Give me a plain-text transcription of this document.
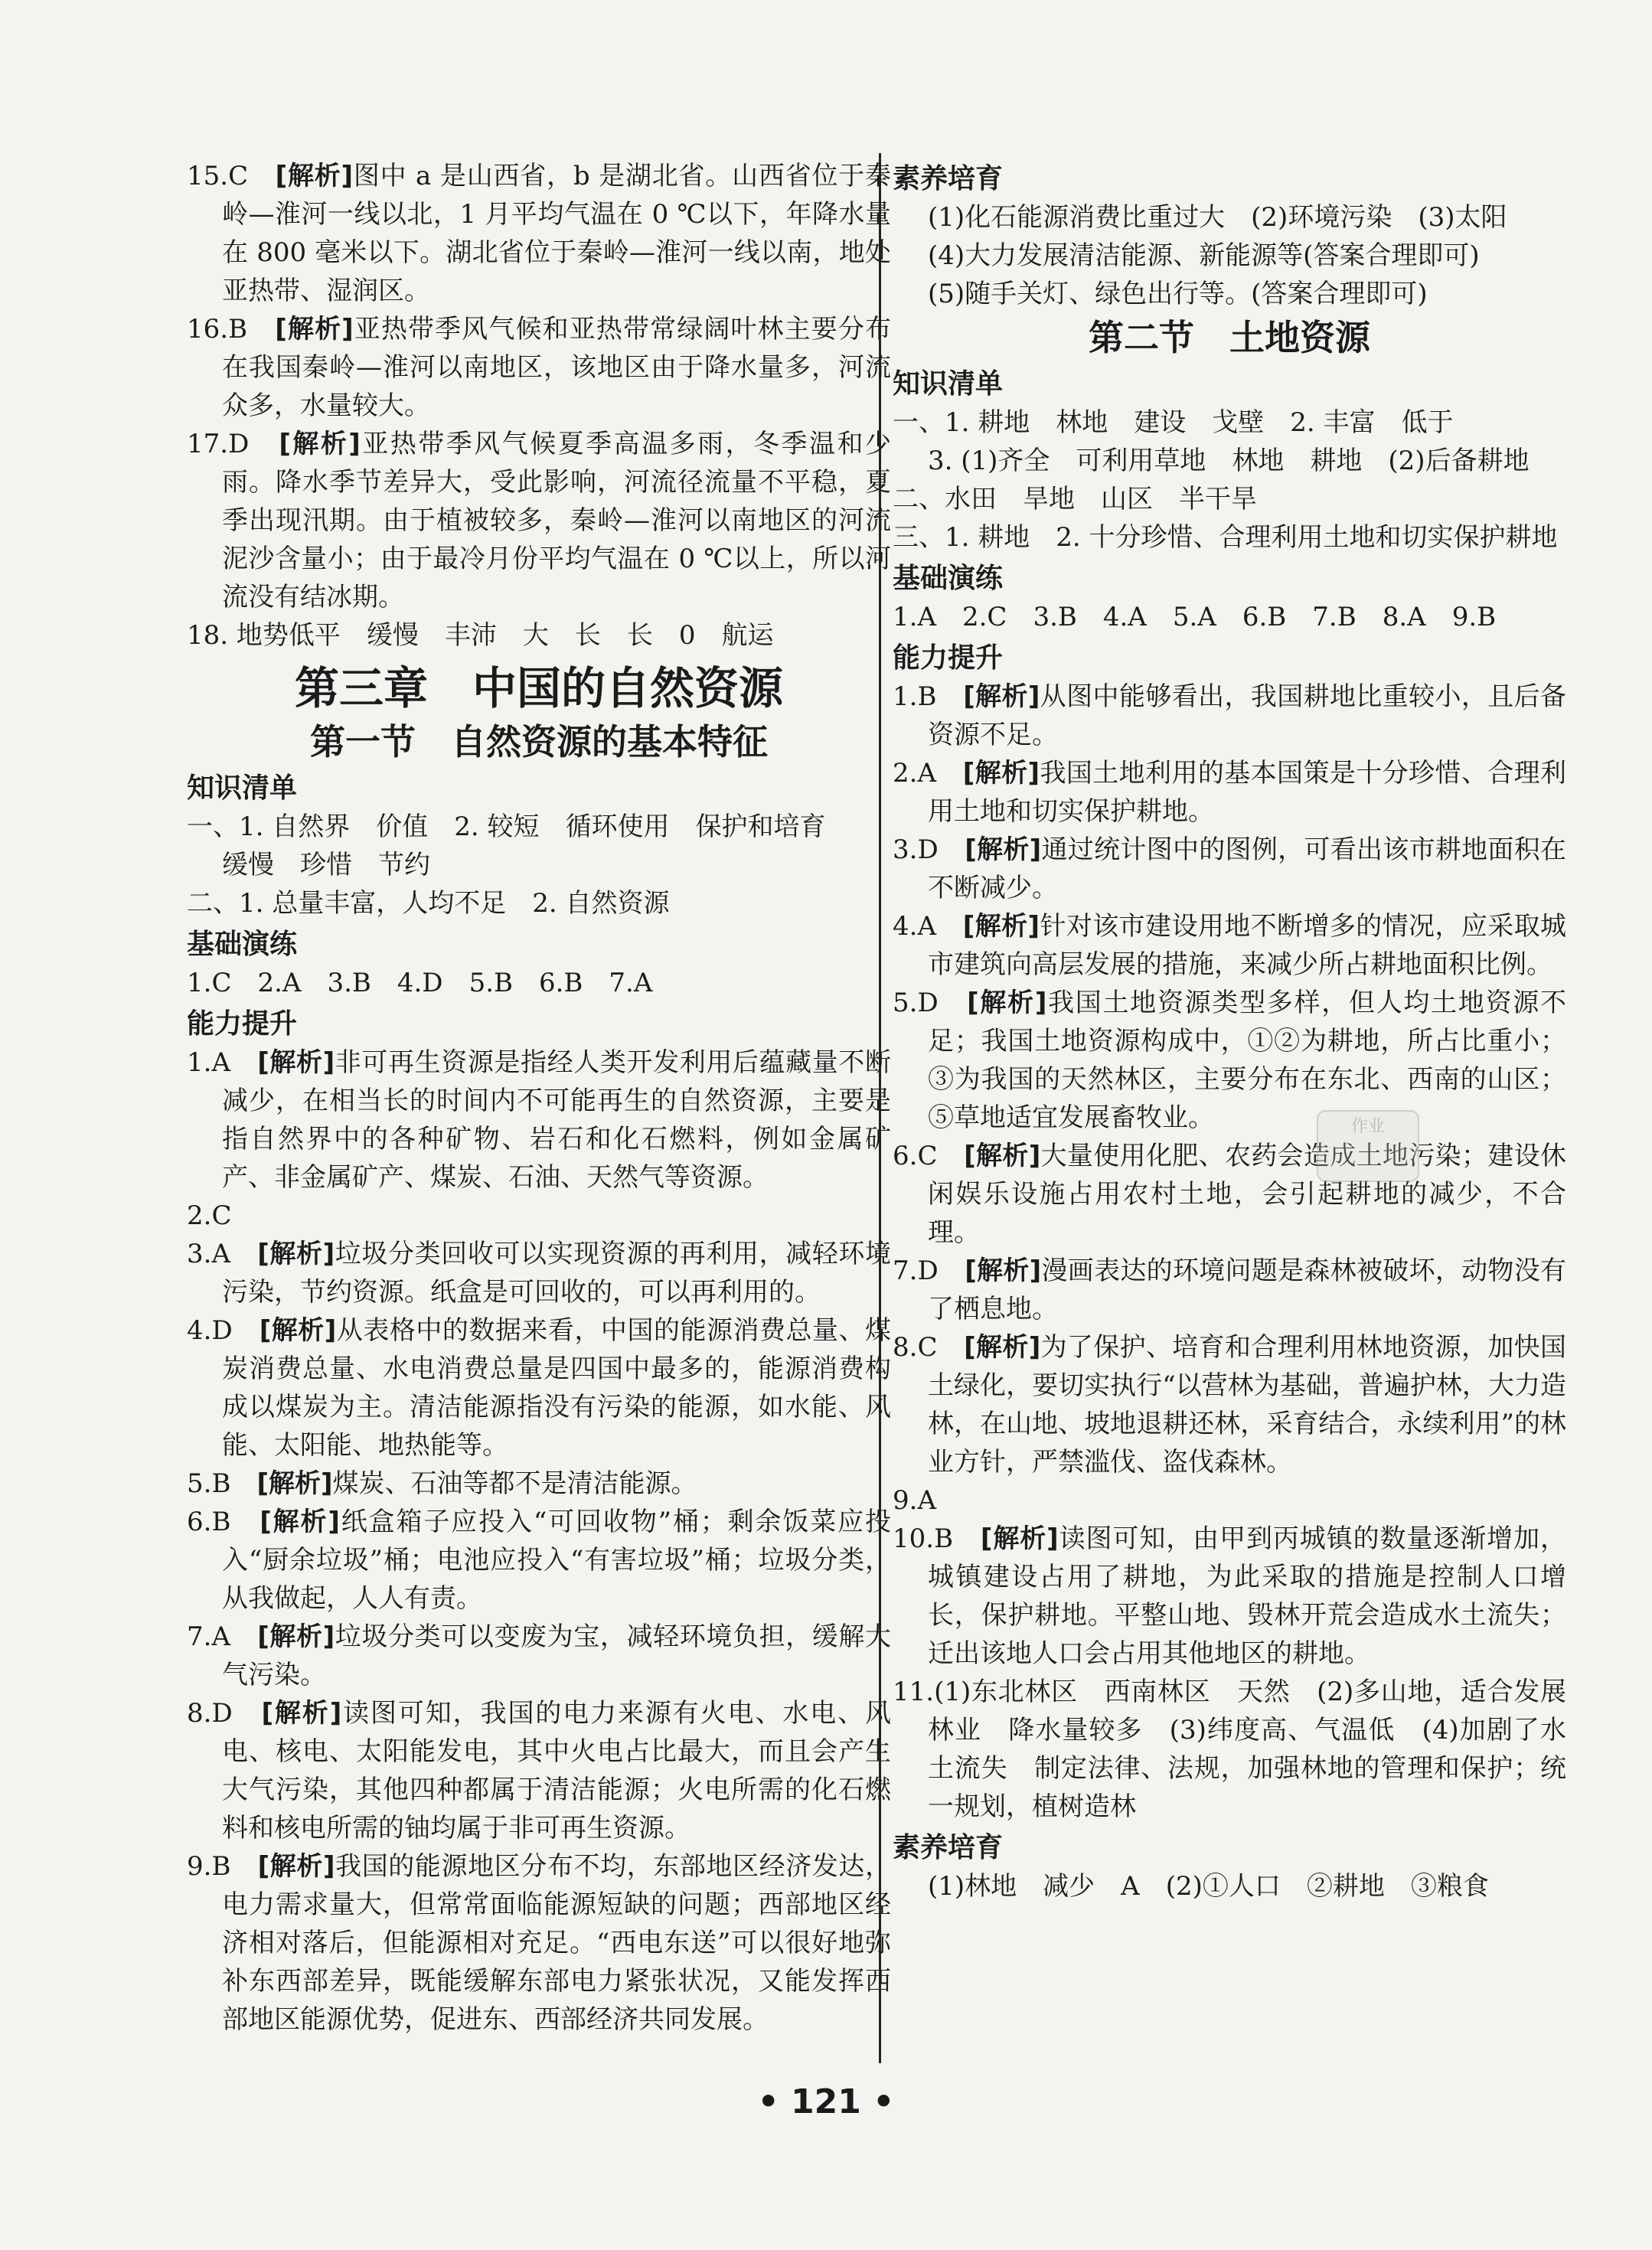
15.C　 [解析]图中 a 是山西省，b 是湖北省。山西省位于秦岭—淮河一线以北，1 月平均气温在 0 ℃以下，年降水量在 800 毫米以下。湖北省位于秦岭—淮河一线以南，地处亚热带、湿润区。

16.B　 [解析]亚热带季风气候和亚热带常绿阔叶林主要分布在我国秦岭—淮河以南地区，该地区由于降水量多，河流众多，水量较大。

17.D　 [解析]亚热带季风气候夏季高温多雨，冬季温和少雨。降水季节差异大，受此影响，河流径流量不平稳，夏季出现汛期。由于植被较多，秦岭—淮河以南地区的河流泥沙含量小；由于最冷月份平均气温在 0 ℃以上，所以河流没有结冰期。

18. 地势低平　缓慢　丰沛　大　长　长　0　航运

第三章　中国的自然资源
第一节　自然资源的基本特征
知识清单

一、1. 自然界　价值　2. 较短　循环使用　保护和培育

缓慢　珍惜　节约

二、1. 总量丰富，人均不足　2. 自然资源

基础演练

1.C　2.A　3.B　4.D　5.B　6.B　7.A

能力提升

1.A　 [解析]非可再生资源是指经人类开发利用后蕴藏量不断减少，在相当长的时间内不可能再生的自然资源，主要是指自然界中的各种矿物、岩石和化石燃料，例如金属矿产、非金属矿产、煤炭、石油、天然气等资源。

2.C

3.A　 [解析]垃圾分类回收可以实现资源的再利用，减轻环境污染，节约资源。纸盒是可回收的，可以再利用的。

4.D　 [解析]从表格中的数据来看，中国的能源消费总量、煤炭消费总量、水电消费总量是四国中最多的，能源消费构成以煤炭为主。清洁能源指没有污染的能源，如水能、风能、太阳能、地热能等。

5.B　 [解析]煤炭、石油等都不是清洁能源。

6.B　 [解析]纸盒箱子应投入“可回收物”桶；剩余饭菜应投入“厨余垃圾”桶；电池应投入“有害垃圾”桶；垃圾分类，从我做起，人人有责。

7.A　 [解析]垃圾分类可以变废为宝，减轻环境负担，缓解大气污染。

8.D　 [解析]读图可知，我国的电力来源有火电、水电、风电、核电、太阳能发电，其中火电占比最大，而且会产生大气污染，其他四种都属于清洁能源；火电所需的化石燃料和核电所需的铀均属于非可再生资源。

9.B　 [解析]我国的能源地区分布不均，东部地区经济发达，电力需求量大，但常常面临能源短缺的问题；西部地区经济相对落后，但能源相对充足。“西电东送”可以很好地弥补东西部差异，既能缓解东部电力紧张状况，又能发挥西部地区能源优势，促进东、西部经济共同发展。

素养培育

(1)化石能源消费比重过大　(2)环境污染　(3)太阳

(4)大力发展清洁能源、新能源等(答案合理即可)

(5)随手关灯、绿色出行等。(答案合理即可)

第二节　土地资源
知识清单

一、1. 耕地　林地　建设　戈壁　2. 丰富　低于

3. (1)齐全　可利用草地　林地　耕地　(2)后备耕地

二、水田　旱地　山区　半干旱

三、1. 耕地　2. 十分珍惜、合理利用土地和切实保护耕地

基础演练

1.A　2.C　3.B　4.A　5.A　6.B　7.B　8.A　9.B

能力提升

1.B　 [解析]从图中能够看出，我国耕地比重较小，且后备资源不足。

2.A　 [解析]我国土地利用的基本国策是十分珍惜、合理利用土地和切实保护耕地。

3.D　 [解析]通过统计图中的图例，可看出该市耕地面积在不断减少。

4.A　 [解析]针对该市建设用地不断增多的情况，应采取城市建筑向高层发展的措施，来减少所占耕地面积比例。

5.D　 [解析]我国土地资源类型多样，但人均土地资源不足；我国土地资源构成中，①②为耕地，所占比重小；③为我国的天然林区，主要分布在东北、西南的山区；⑤草地适宜发展畜牧业。

6.C　 [解析]大量使用化肥、农药会造成土地污染；建设休闲娱乐设施占用农村土地，会引起耕地的减少，不合理。

7.D　 [解析]漫画表达的环境问题是森林被破坏，动物没有了栖息地。

8.C　 [解析]为了保护、培育和合理利用林地资源，加快国土绿化，要切实执行“以营林为基础，普遍护林，大力造林，在山地、坡地退耕还林，采育结合，永续利用”的林业方针，严禁滥伐、盗伐森林。

9.A

10.B　 [解析]读图可知，由甲到丙城镇的数量逐渐增加，城镇建设占用了耕地，为此采取的措施是控制人口增长，保护耕地。平整山地、毁林开荒会造成水土流失；迁出该地人口会占用其他地区的耕地。

11.(1)东北林区　西南林区　天然　(2)多山地，适合发展林业　降水量较多　(3)纬度高、气温低　(4)加剧了水土流失　制定法律、法规，加强林地的管理和保护；统一规划，植树造林

素养培育

(1)林地　减少　A　(2)①人口　②耕地　③粮食

作业
• 121 •
